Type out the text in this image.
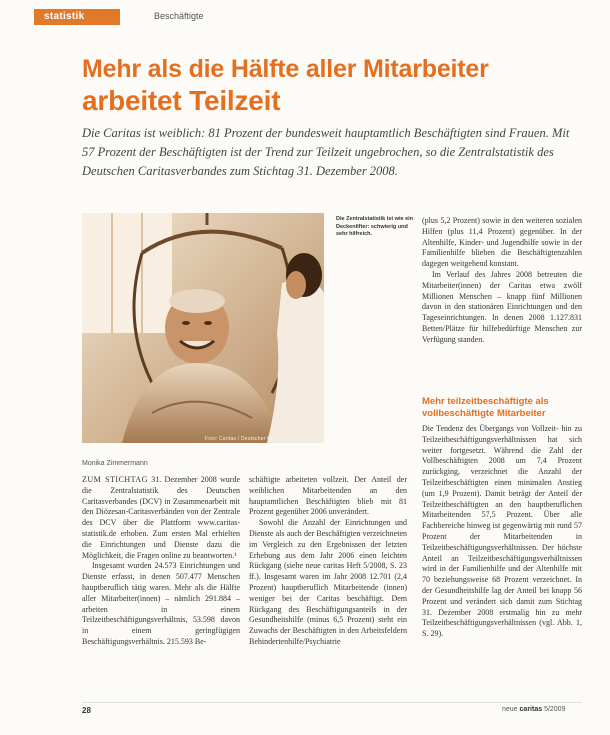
statistik	Beschäftigte
Mehr als die Hälfte aller Mitarbeiter
arbeitet Teilzeit
Die Caritas ist weiblich: 81 Prozent der bundesweit hauptamtlich Beschäftigten sind Frauen. Mit 57 Prozent der Beschäftigten ist der Trend zur Teilzeit ungebrochen, so die Zentralstatistik des Deutschen Caritasverbandes zum Stichtag 31. Dezember 2008.
Foto: Caritas / Deutscher Caritasverband
Die Zentralstatistik ist wie ein Deckenlifter: schwierig und sehr hilfreich.
Monika Zimmermann

ZUM STICHTAG 31. Dezember 2008 wurde die Zentralstatistik des Deutschen Caritasverbandes (DCV) in Zusammenarbeit mit den Diözesan-Caritasverbänden von der Zentrale des DCV über die Plattform www.caritas-statistik.de erhoben. Zum ersten Mal erhielten die Einrichtungen und Dienste dazu die Möglichkeit, die Fragen online zu beantworten.¹

Insgesamt wurden 24.573 Einrichtungen und Dienste erfasst, in denen 507.477 Menschen hauptberuflich tätig waren. Mehr als die Hälfte aller Mitarbeiter(innen) – nämlich 291.884 – arbeiten in einem Teilzeitbeschäftigungsverhältnis, 53.598 davon in einem geringfügigen Beschäftigungsverhältnis. 215.593 Be-

schäftigte arbeiteten vollzeit. Der Anteil der weiblichen Mitarbeitenden an den hauptamtlichen Beschäftigten blieb mit 81 Prozent gegenüber 2006 unverändert.

Sowohl die Anzahl der Einrichtungen und Dienste als auch der Beschäftigten verzeichneten im Vergleich zu den Ergebnissen der letzten Erhebung aus dem Jahr 2006 einen leichten Rückgang (siehe neue caritas Heft 5/2008, S. 23 ff.). Insgesamt waren im Jahr 2008 12.701 (2,4 Prozent) hauptberuflich Mitarbeitende (innen) weniger bei der Caritas beschäftigt. Dem Rückgang des Beschäftigungsanteils in der Gesundheitshilfe (minus 6,5 Prozent) steht ein Zuwachs der Beschäftigten in den Arbeitsfeldern Behindertenhilfe/Psychiatrie

(plus 5,2 Prozent) sowie in den weiteren sozialen Hilfen (plus 11,4 Prozent) gegenüber. In der Altenhilfe, Kinder- und Jugendhilfe sowie in der Familienhilfe blieben die Beschäftigtenzahlen dagegen weitgehend konstant.

Im Verlauf des Jahres 2008 betreuten die Mitarbeiter(innen) der Caritas etwa zwölf Millionen Menschen – knapp fünf Millionen davon in den stationären Einrichtungen und den Tageseinrichtungen. In denen 2008 1.127.831 Betten/Plätze für hilfebedürftige Menschen zur Verfügung standen.

Mehr teilzeitbeschäftigte als vollbeschäftigte Mitarbeiter

Die Tendenz des Übergangs von Vollzeit- hin zu Teilzeitbeschäftigungsverhältnissen hat sich weiter fortgesetzt. Während die Zahl der Vollbeschäftigten 2008 um 7,4 Prozent zurückging, verzeichnet die Anzahl der Teilzeitbeschäftigten einen minimalen Anstieg (um 1,9 Prozent). Damit beträgt der Anteil der Teilzeitbeschäftigten an den hauptberuflichen Mitarbeitenden 57,5 Prozent. Über alle Fachbereiche hinweg ist gegenwärtig mit rund 57 Prozent der Mitarbeitenden in Teilzeitbeschäftigungsverhältnissen. Der höchste Anteil an Teilzeitbeschäftigungsverhältnissen wird in der Familienhilfe und der Altenhilfe mit 70 beziehungsweise 68 Prozent verzeichnet. In der Gesundheitshilfe lag der Anteil bei knapp 56 Prozent und verändert sich damit zum Stichtag 31. Dezember 2008 erstmalig hin zu mehr Teilzeitbeschäftigungsverhältnissen (vgl. Abb. 1, S. 29).

28	neue caritas 5/2009
